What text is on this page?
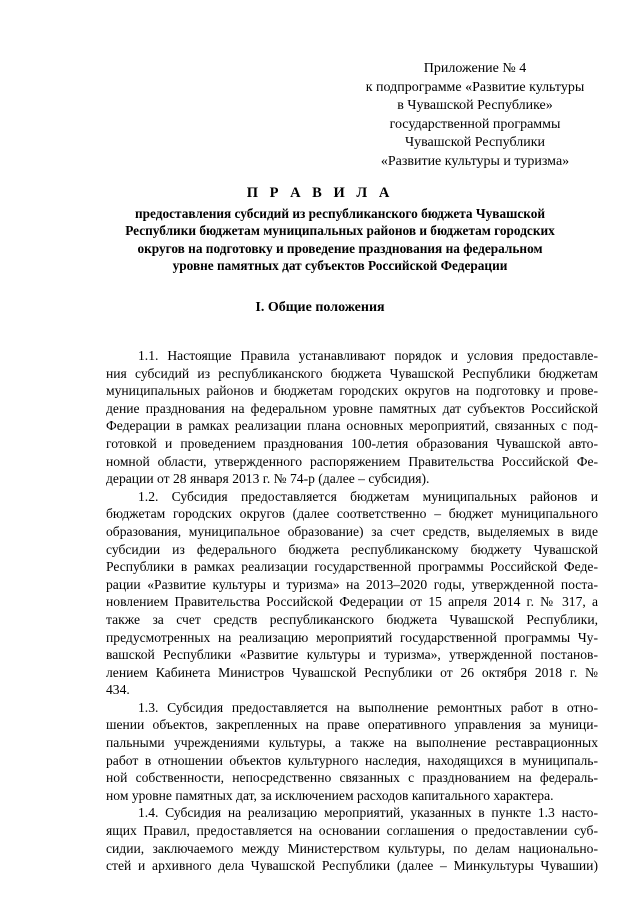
Приложение № 4
к подпрограмме «Развитие культуры
в Чувашской Республике»
государственной программы
Чувашской Республики
«Развитие культуры и туризма»
П Р А В И Л А
предоставления субсидий из республиканского бюджета Чувашской
Республики бюджетам муниципальных районов и бюджетам городских
округов на подготовку и проведение празднования на федеральном
уровне памятных дат субъектов Российской Федерации
I. Общие положения
1.1. Настоящие Правила устанавливают порядок и условия предоставле-
ния субсидий из республиканского бюджета Чувашской Республики бюджетам
муниципальных районов и бюджетам городских округов на подготовку и прове-
дение празднования на федеральном уровне памятных дат субъектов Российской
Федерации в рамках реализации плана основных мероприятий, связанных с под-
готовкой и проведением празднования 100-летия образования Чувашской авто-
номной области, утвержденного распоряжением Правительства Российской Фе-
дерации от 28 января 2013 г. № 74-р (далее – субсидия).
1.2. Субсидия предоставляется бюджетам муниципальных районов и
бюджетам городских округов (далее соответственно – бюджет муниципального
образования, муниципальное образование) за счет средств, выделяемых в виде
субсидии из федерального бюджета республиканскому бюджету Чувашской
Республики в рамках реализации государственной программы Российской Феде-
рации «Развитие культуры и туризма» на 2013–2020 годы, утвержденной поста-
новлением Правительства Российской Федерации от 15 апреля 2014 г. № 317, а
также за счет средств республиканского бюджета Чувашской Республики,
предусмотренных на реализацию мероприятий государственной программы Чу-
вашской Республики «Развитие культуры и туризма», утвержденной постанов-
лением Кабинета Министров Чувашской Республики от 26 октября 2018 г. №
434.
1.3. Субсидия предоставляется на выполнение ремонтных работ в отно-
шении объектов, закрепленных на праве оперативного управления за муници-
пальными учреждениями культуры, а также на выполнение реставрационных
работ в отношении объектов культурного наследия, находящихся в муниципаль-
ной собственности, непосредственно связанных с празднованием на федераль-
ном уровне памятных дат, за исключением расходов капитального характера.
1.4. Субсидия на реализацию мероприятий, указанных в пункте 1.3 насто-
ящих Правил, предоставляется на основании соглашения о предоставлении суб-
сидии, заключаемого между Министерством культуры, по делам национально-
стей и архивного дела Чувашской Республики (далее – Минкультуры Чувашии)
